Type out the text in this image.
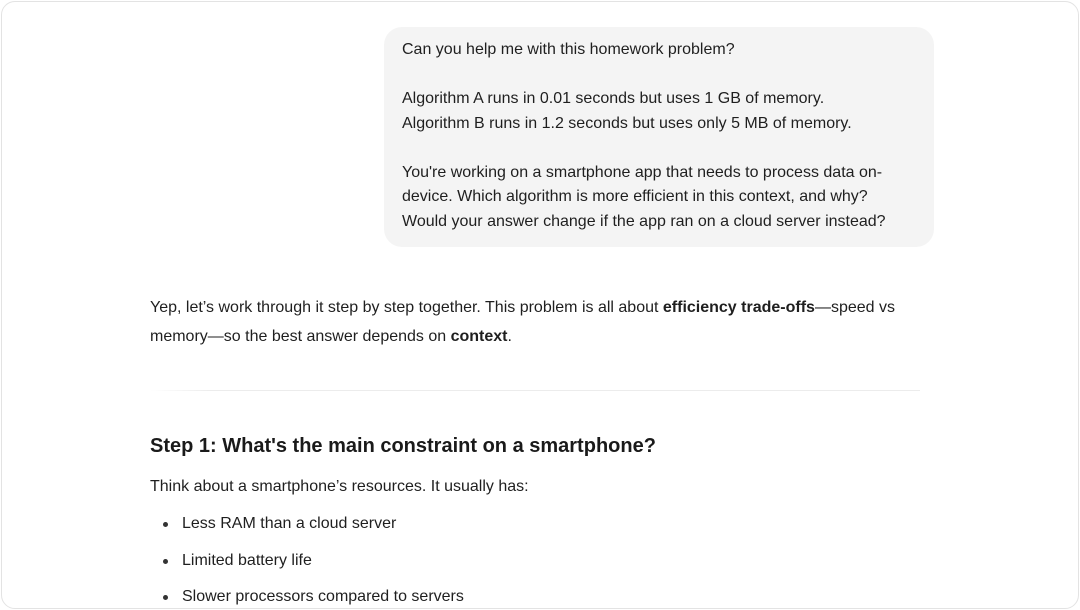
Can you help me with this homework problem?

Algorithm A runs in 0.01 seconds but uses 1 GB of memory.

Algorithm B runs in 1.2 seconds but uses only 5 MB of memory.

You're working on a smartphone app that needs to process data on-

device. Which algorithm is more efficient in this context, and why?

Would your answer change if the app ran on a cloud server instead?

Yep, let’s work through it step by step together. This problem is all about efficiency trade-offs—speed vs memory—so the best answer depends on context.

Step 1: What's the main constraint on a smartphone?

Think about a smartphone’s resources. It usually has:

Less RAM than a cloud server
Limited battery life
Slower processors compared to servers
